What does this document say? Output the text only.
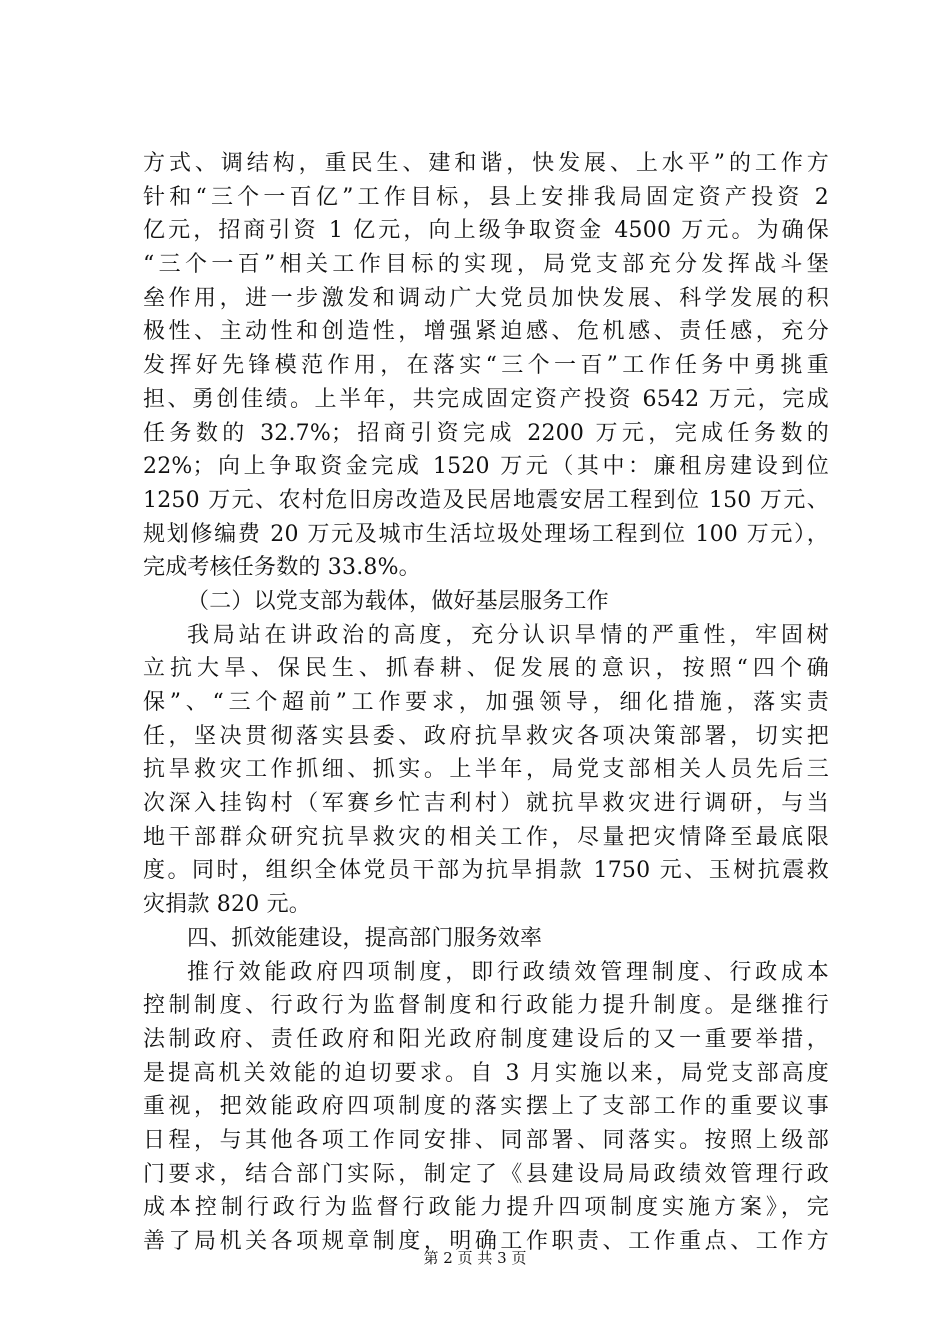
方式、调结构，重民生、建和谐，快发展、上水平”的工作方
针和“三个一百亿”工作目标，县上安排我局固定资产投资 2
亿元，招商引资 1 亿元，向上级争取资金 4500 万元。为确保
“三个一百”相关工作目标的实现，局党支部充分发挥战斗堡
垒作用，进一步激发和调动广大党员加快发展、科学发展的积
极性、主动性和创造性，增强紧迫感、危机感、责任感，充分
发挥好先锋模范作用，在落实“三个一百”工作任务中勇挑重
担、勇创佳绩。上半年，共完成固定资产投资 6542 万元，完成
任务数的 32.7%；招商引资完成 2200 万元，完成任务数的
22%；向上争取资金完成 1520 万元（其中：廉租房建设到位
1250 万元、农村危旧房改造及民居地震安居工程到位 150 万元、
规划修编费 20 万元及城市生活垃圾处理场工程到位 100 万元），
完成考核任务数的 33.8%。
（二）以党支部为载体，做好基层服务工作
我局站在讲政治的高度，充分认识旱情的严重性，牢固树
立抗大旱、保民生、抓春耕、促发展的意识，按照“四个确
保”、“三个超前”工作要求，加强领导，细化措施，落实责
任，坚决贯彻落实县委、政府抗旱救灾各项决策部署，切实把
抗旱救灾工作抓细、抓实。上半年，局党支部相关人员先后三
次深入挂钩村（军赛乡忙吉利村）就抗旱救灾进行调研，与当
地干部群众研究抗旱救灾的相关工作，尽量把灾情降至最底限
度。同时，组织全体党员干部为抗旱捐款 1750 元、玉树抗震救
灾捐款 820 元。
四、抓效能建设，提高部门服务效率
推行效能政府四项制度，即行政绩效管理制度、行政成本
控制制度、行政行为监督制度和行政能力提升制度。是继推行
法制政府、责任政府和阳光政府制度建设后的又一重要举措，
是提高机关效能的迫切要求。自 3 月实施以来，局党支部高度
重视，把效能政府四项制度的落实摆上了支部工作的重要议事
日程，与其他各项工作同安排、同部署、同落实。按照上级部
门要求，结合部门实际，制定了《县建设局局政绩效管理行政
成本控制行政行为监督行政能力提升四项制度实施方案》，完
善了局机关各项规章制度，明确工作职责、工作重点、工作方
第 2 页 共 3 页
